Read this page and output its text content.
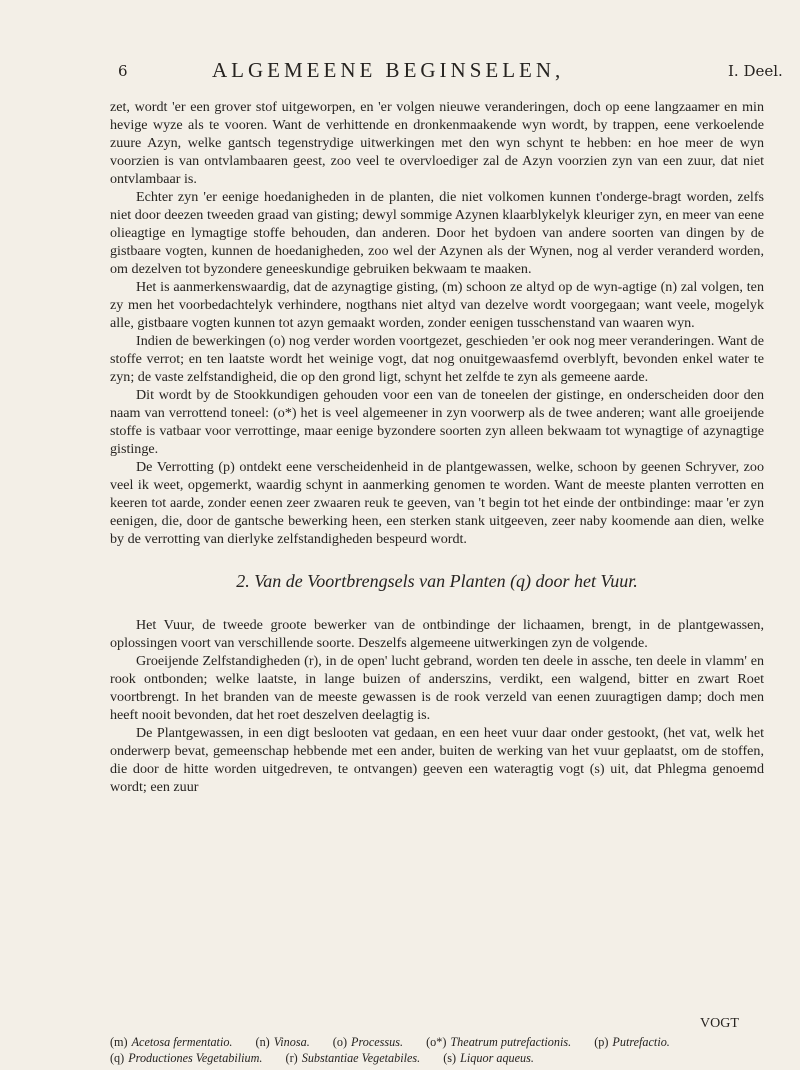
6	ALGEMEENE BEGINSELEN,	I. Deel.

zet, wordt 'er een grover stof uitgeworpen, en 'er volgen nieuwe veranderingen, doch op eene langzaamer en min hevige wyze als te vooren. Want de verhittende en dronkenmaakende wyn wordt, by trappen, eene verkoelende zuure Azyn, welke gantsch tegenstrydige uitwerkingen met den wyn schynt te hebben: en hoe meer de wyn voorzien is van ontvlambaaren geest, zoo veel te overvloediger zal de Azyn voorzien zyn van een zuur, dat niet ontvlambaar is.

Echter zyn 'er eenige hoedanigheden in de planten, die niet volkomen kunnen t'onderge-bragt worden, zelfs niet door deezen tweeden graad van gisting; dewyl sommige Azynen klaarblykelyk kleuriger zyn, en meer van eene olieagtige en lymagtige stoffe behouden, dan anderen. Door het bydoen van andere soorten van dingen by de gistbaare vogten, kunnen de hoedanigheden, zoo wel der Azynen als der Wynen, nog al verder veranderd worden, om dezelven tot byzondere geneeskundige gebruiken bekwaam te maaken.

Het is aanmerkenswaardig, dat de azynagtige gisting, (m) schoon ze altyd op de wyn-agtige (n) zal volgen, ten zy men het voorbedachtelyk verhindere, nogthans niet altyd van dezelve wordt voorgegaan; want veele, mogelyk alle, gistbaare vogten kunnen tot azyn gemaakt worden, zonder eenigen tusschenstand van waaren wyn.

Indien de bewerkingen (o) nog verder worden voortgezet, geschieden 'er ook nog meer veranderingen. Want de stoffe verrot; en ten laatste wordt het weinige vogt, dat nog onuitgewaasfemd overblyft, bevonden enkel water te zyn; de vaste zelfstandigheid, die op den grond ligt, schynt het zelfde te zyn als gemeene aarde.

Dit wordt by de Stookkundigen gehouden voor een van de toneelen der gistinge, en onderscheiden door den naam van verrottend toneel: (o*) het is veel algemeener in zyn voorwerp als de twee anderen; want alle groeijende stoffe is vatbaar voor verrottinge, maar eenige byzondere soorten zyn alleen bekwaam tot wynagtige of azynagtige gistinge.

De Verrotting (p) ontdekt eene verscheidenheid in de plantgewassen, welke, schoon by geenen Schryver, zoo veel ik weet, opgemerkt, waardig schynt in aanmerking genomen te worden. Want de meeste planten verrotten en keeren tot aarde, zonder eenen zeer zwaaren reuk te geeven, van 't begin tot het einde der ontbindinge: maar 'er zyn eenigen, die, door de gantsche bewerking heen, een sterken stank uitgeeven, zeer naby koomende aan dien, welke by de verrotting van dierlyke zelfstandigheden bespeurd wordt.

2. Van de Voortbrengsels van Planten (q) door het Vuur.

Het Vuur, de tweede groote bewerker van de ontbindinge der lichaamen, brengt, in de plantgewassen, oplossingen voort van verschillende soorte. Deszelfs algemeene uitwerkingen zyn de volgende.

Groeijende Zelfstandigheden (r), in de open' lucht gebrand, worden ten deele in assche, ten deele in vlamm' en rook ontbonden; welke laatste, in lange buizen of anderszins, verdikt, een walgend, bitter en zwart Roet voortbrengt. In het branden van de meeste gewassen is de rook verzeld van eenen zuuragtigen damp; doch men heeft nooit bevonden, dat het roet deszelven deelagtig is.

De Plantgewassen, in een digt beslooten vat gedaan, en een heet vuur daar onder gestookt, (het vat, welk het onderwerp bevat, gemeenschap hebbende met een ander, buiten de werking van het vuur geplaatst, om de stoffen, die door de hitte worden uitgedreven, te ontvangen) geeven een wateragtig vogt (s) uit, dat Phlegma genoemd wordt; een zuur

VOGT
(m) Acetosa fermentatio. (n) Vinosa. (o) Processus. (o*) Theatrum putrefactionis. (p) Putrefactio.
(q) Productiones Vegetabilium. (r) Substantiae Vegetabiles. (s) Liquor aqueus.
